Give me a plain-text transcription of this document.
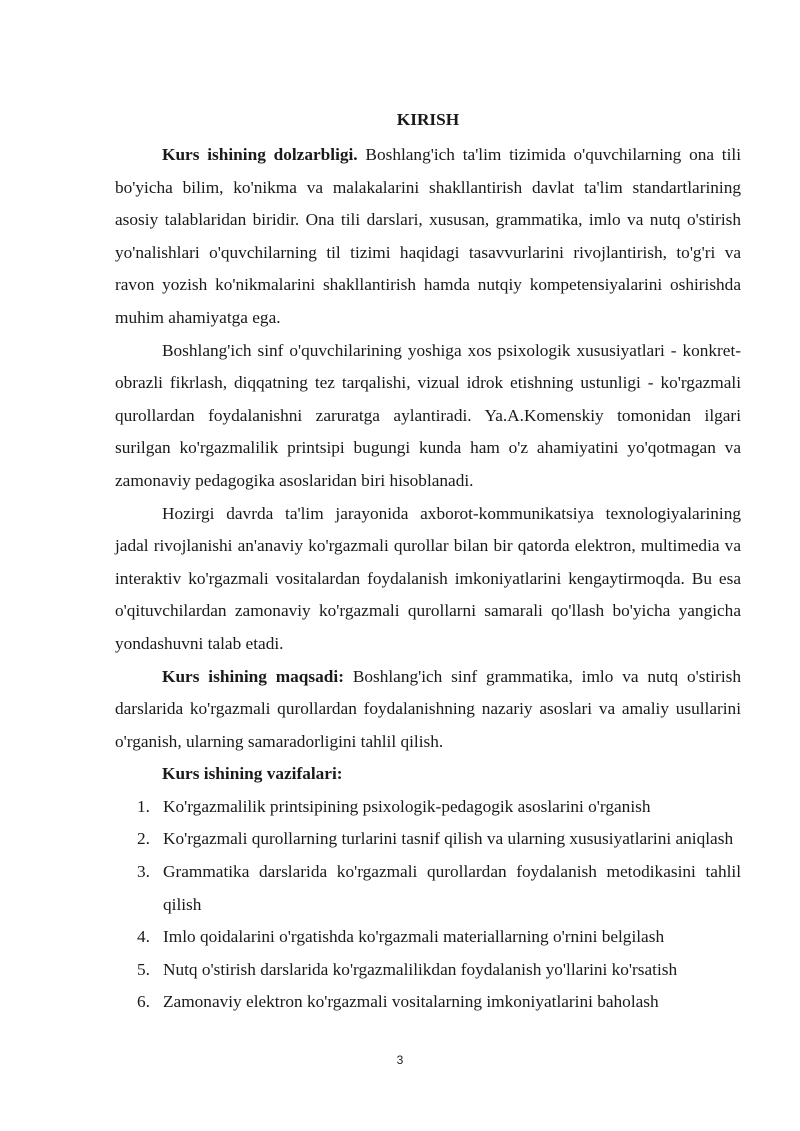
KIRISH

Kurs ishining dolzarbligi. Boshlang'ich ta'lim tizimida o'quvchilarning ona tili bo'yicha bilim, ko'nikma va malakalarini shakllantirish davlat ta'lim standartlarining asosiy talablaridan biridir. Ona tili darslari, xususan, grammatika, imlo va nutq o'stirish yo'nalishlari o'quvchilarning til tizimi haqidagi tasavvurlarini rivojlantirish, to'g'ri va ravon yozish ko'nikmalarini shakllantirish hamda nutqiy kompetensiyalarini oshirishda muhim ahamiyatga ega.

Boshlang'ich sinf o'quvchilarining yoshiga xos psixologik xususiyatlari - konkret-obrazli fikrlash, diqqatning tez tarqalishi, vizual idrok etishning ustunligi - ko'rgazmali qurollardan foydalanishni zaruratga aylantiradi. Ya.A.Komenskiy tomonidan ilgari surilgan ko'rgazmalilik printsipi bugungi kunda ham o'z ahamiyatini yo'qotmagan va zamonaviy pedagogika asoslaridan biri hisoblanadi.

Hozirgi davrda ta'lim jarayonida axborot-kommunikatsiya texnologiyalarining jadal rivojlanishi an'anaviy ko'rgazmali qurollar bilan bir qatorda elektron, multimedia va interaktiv ko'rgazmali vositalardan foydalanish imkoniyatlarini kengaytirmoqda. Bu esa o'qituvchilardan zamonaviy ko'rgazmali qurollarni samarali qo'llash bo'yicha yangicha yondashuvni talab etadi.

Kurs ishining maqsadi: Boshlang'ich sinf grammatika, imlo va nutq o'stirish darslarida ko'rgazmali qurollardan foydalanishning nazariy asoslari va amaliy usullarini o'rganish, ularning samaradorligini tahlil qilish.

Kurs ishining vazifalari:

1. Ko'rgazmalilik printsipining psixologik-pedagogik asoslarini o'rganish
2. Ko'rgazmali qurollarning turlarini tasnif qilish va ularning xususiyatlarini aniqlash
3. Grammatika darslarida ko'rgazmali qurollardan foydalanish metodikasini tahlil qilish
4. Imlo qoidalarini o'rgatishda ko'rgazmali materiallarning o'rnini belgilash
5. Nutq o'stirish darslarida ko'rgazmalilikdan foydalanish yo'llarini ko'rsatish
6. Zamonaviy elektron ko'rgazmali vositalarning imkoniyatlarini baholash
3
